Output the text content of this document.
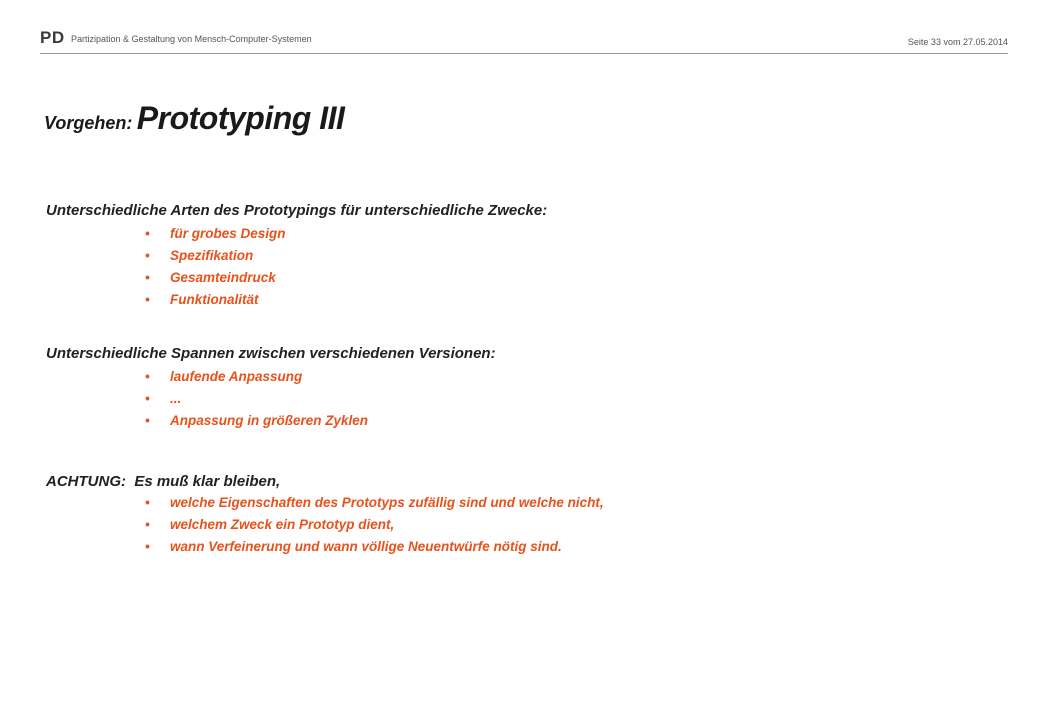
PD Partizipation & Gestaltung von Mensch-Computer-Systemen	Seite 33 vom 27.05.2014
Vorgehen: Prototyping III

Unterschiedliche Arten des Prototypings für unterschiedliche Zwecke:

• für grobes Design
• Spezifikation
• Gesamteindruck
• Funktionalität

Unterschiedliche Spannen zwischen verschiedenen Versionen:

• laufende Anpassung
• ...
• Anpassung in größeren Zyklen

ACHTUNG:  Es muß klar bleiben,

• welche Eigenschaften des Prototyps zufällig sind und welche nicht,
• welchem Zweck ein Prototyp dient,
• wann Verfeinerung und wann völlige Neuentwürfe nötig sind.
